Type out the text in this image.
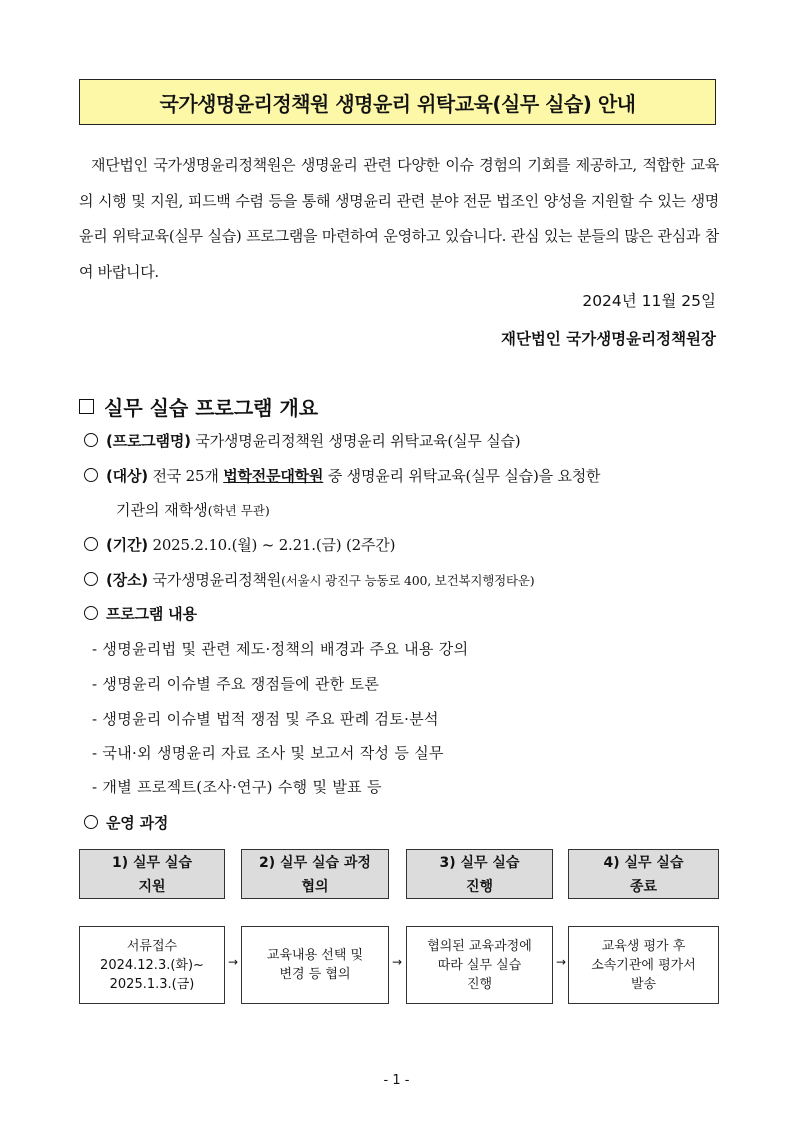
국가생명윤리정책원 생명윤리 위탁교육(실무 실습) 안내
재단법인 국가생명윤리정책원은 생명윤리 관련 다양한 이슈 경험의 기회를 제공하고, 적합한 교육의 시행 및 지원, 피드백 수렴 등을 통해 생명윤리 관련 분야 전문 법조인 양성을 지원할 수 있는 생명윤리 위탁교육(실무 실습) 프로그램을 마련하여 운영하고 있습니다. 관심 있는 분들의 많은 관심과 참여 바랍니다.
2024년 11월 25일
재단법인 국가생명윤리정책원장
실무 실습 프로그램 개요
(프로그램명) 국가생명윤리정책원 생명윤리 위탁교육(실무 실습)
(대상) 전국 25개 법학전문대학원 중 생명윤리 위탁교육(실무 실습)을 요청한
기관의 재학생(학년 무관)
(기간) 2025.2.10.(월) ~ 2.21.(금) (2주간)
(장소) 국가생명윤리정책원(서울시 광진구 능동로 400, 보건복지행정타운)
프로그램 내용
- 생명윤리법 및 관련 제도·정책의 배경과 주요 내용 강의
- 생명윤리 이슈별 주요 쟁점들에 관한 토론
- 생명윤리 이슈별 법적 쟁점 및 주요 판례 검토·분석
- 국내·외 생명윤리 자료 조사 및 보고서 작성 등 실무
- 개별 프로젝트(조사·연구) 수행 및 발표 등
운영 과정
1) 실무 실습
지원
2) 실무 실습 과정
협의
3) 실무 실습
진행
4) 실무 실습
종료
서류접수
2024.12.3.(화)~
2025.1.3.(금)
→ 교육내용 선택 및
변경 등 협의
→
협의된 교육과정에
따라 실무 실습
진행
→
교육생 평가 후
소속기관에 평가서
발송
- 1 -
